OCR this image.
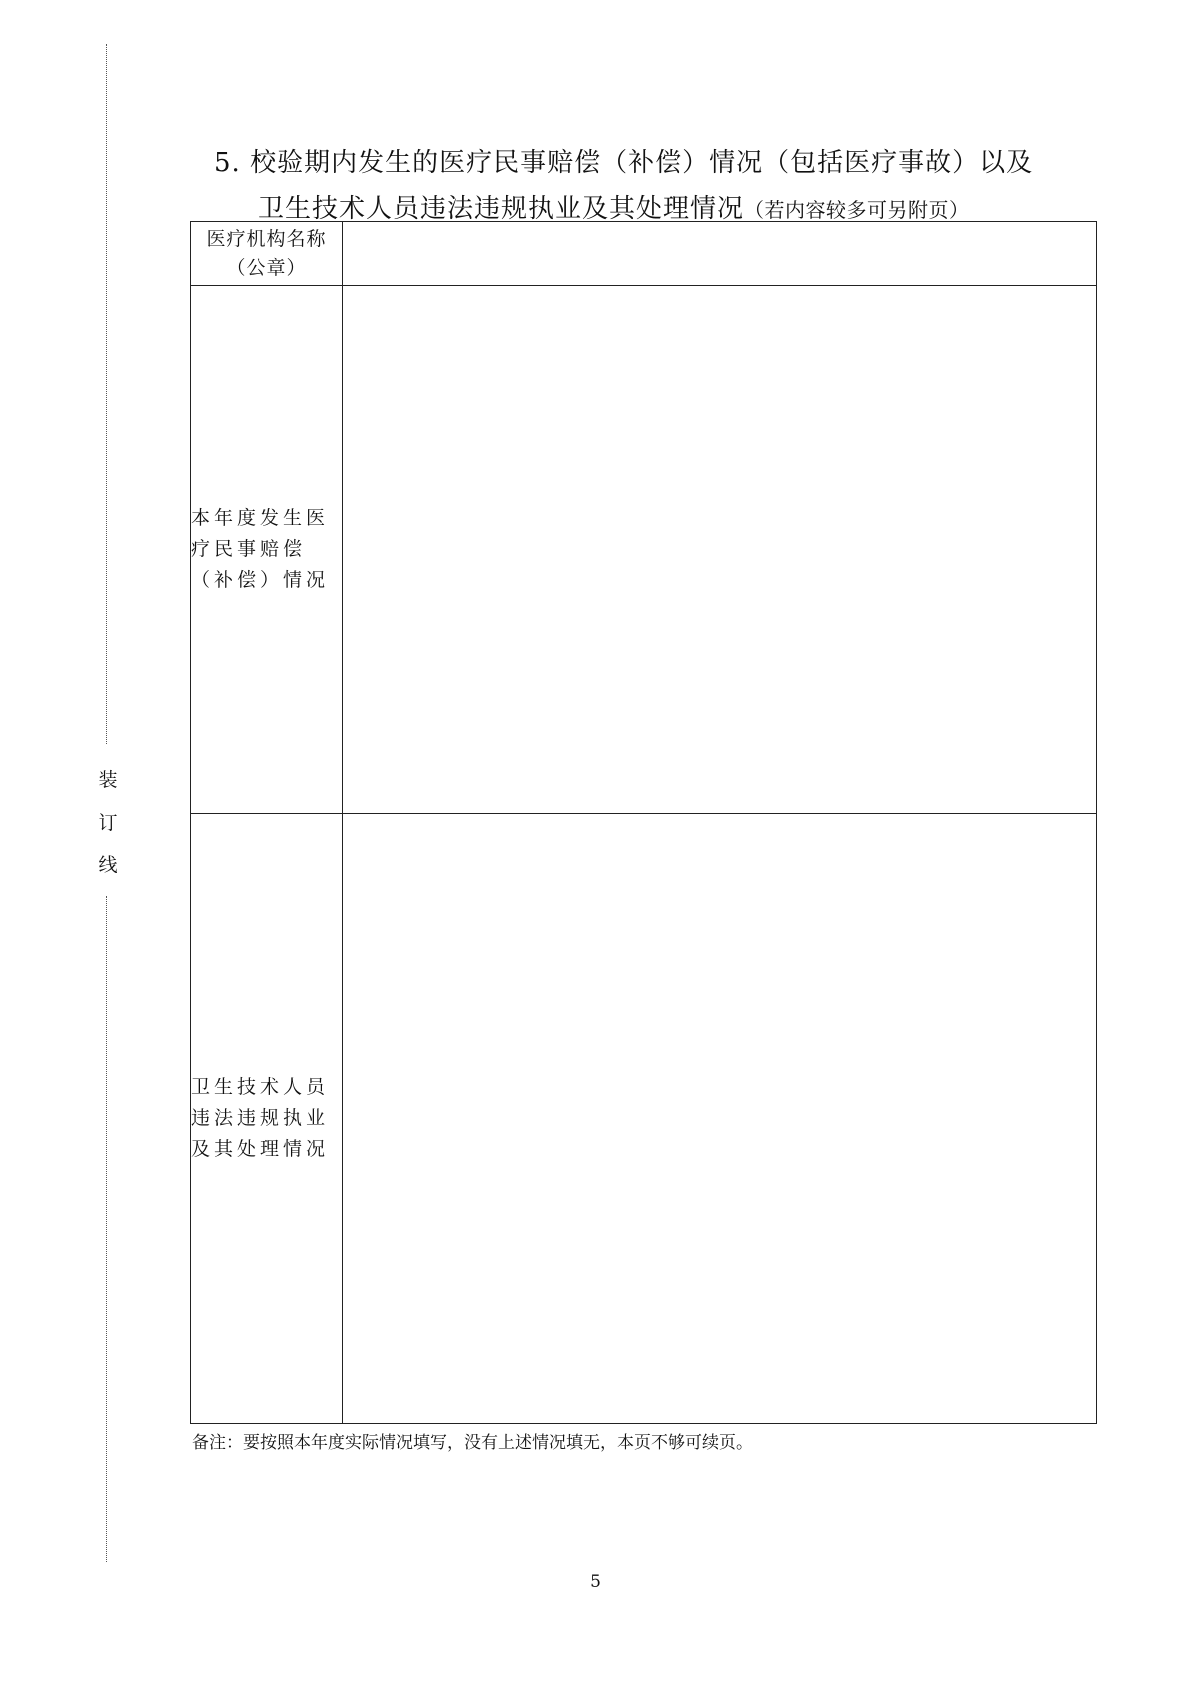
装
订
线
5. 校验期内发生的医疗民事赔偿（补偿）情况（包括医疗事故）以及
卫生技术人员违法违规执业及其处理情况（若内容较多可另附页）
医疗机构名称（公章）	
本年度发生医疗民事赔偿（补偿）情况	
卫生技术人员违法违规执业及其处理情况	
备注：要按照本年度实际情况填写，没有上述情况填无，本页不够可续页。
5
